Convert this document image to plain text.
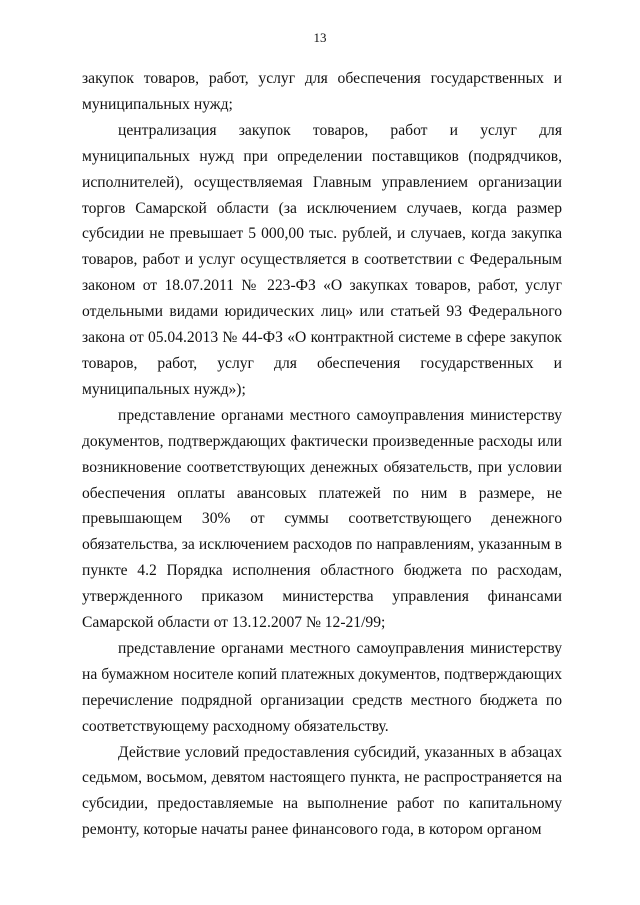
13

закупок товаров, работ, услуг для обеспечения государственных и муниципальных нужд;

централизация закупок товаров, работ и услуг для муниципальных нужд при определении поставщиков (подрядчиков, исполнителей), осуществляемая Главным управлением организации торгов Самарской области (за исключением случаев, когда размер субсидии не превышает 5 000,00 тыс. рублей, и случаев, когда закупка товаров, работ и услуг осуществляется в соответствии с Федеральным законом от 18.07.2011 № 223-ФЗ «О закупках товаров, работ, услуг отдельными видами юридических лиц» или статьей 93 Федерального закона от 05.04.2013 № 44-ФЗ «О контрактной системе в сфере закупок товаров, работ, услуг для обеспечения государственных и муниципальных нужд»);

представление органами местного самоуправления министерству документов, подтверждающих фактически произведенные расходы или возникновение соответствующих денежных обязательств, при условии обеспечения оплаты авансовых платежей по ним в размере, не превышающем 30% от суммы соответствующего денежного обязательства, за исключением расходов по направлениям, указанным в пункте 4.2 Порядка исполнения областного бюджета по расходам, утвержденного приказом министерства управления финансами Самарской области от 13.12.2007 № 12-21/99;

представление органами местного самоуправления министерству на бумажном носителе копий платежных документов, подтверждающих перечисление подрядной организации средств местного бюджета по соответствующему расходному обязательству.

Действие условий предоставления субсидий, указанных в абзацах седьмом, восьмом, девятом настоящего пункта, не распространяется на субсидии, предоставляемые на выполнение работ по капитальному ремонту, которые начаты ранее финансового года, в котором органом
